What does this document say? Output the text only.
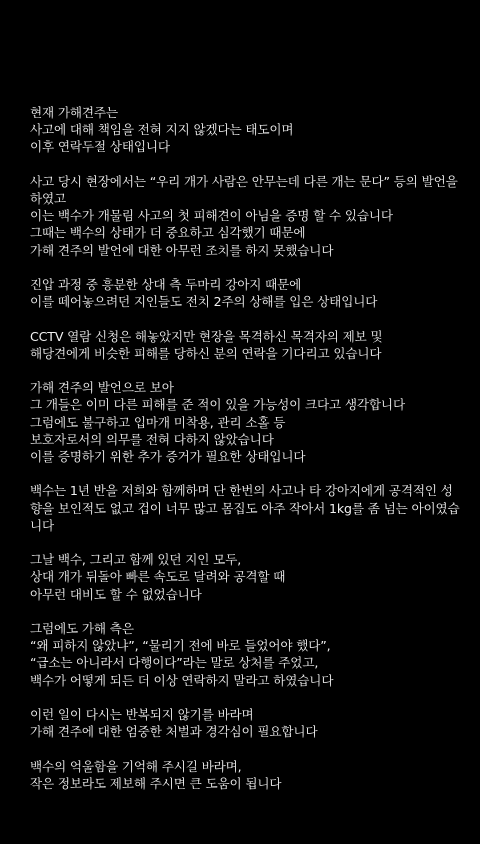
현재 가해견주는
사고에 대해 책임을 전혀 지지 않겠다는 태도이며
이후 연락두절 상태입니다

사고 당시 현장에서는 “우리 개가 사람은 안무는데 다른 개는 문다” 등의 발언을 하였고
이는 백수가 개물림 사고의 첫 피해견이 아님을 증명 할 수 있습니다
그때는 백수의 상태가 더 중요하고 심각했기 때문에
가해 견주의 발언에 대한 아무런 조치를 하지 못했습니다

진압 과정 중 흥분한 상대 측 두마리 강아지 때문에
이를 떼어놓으려던 지인들도 전치 2주의 상해를 입은 상태입니다

CCTV 열람 신청은 해놓았지만 현장을 목격하신 목격자의 제보 및
해당견에게 비슷한 피해를 당하신 분의 연락을 기다리고 있습니다

가해 견주의 발언으로 보아
그 개들은 이미 다른 피해를 준 적이 있을 가능성이 크다고 생각합니다
그럼에도 불구하고 입마개 미착용, 관리 소홀 등
보호자로서의 의무를 전혀 다하지 않았습니다
이를 증명하기 위한 추가 증거가 필요한 상태입니다

백수는 1년 반을 저희와 함께하며 단 한번의 사고나 타 강아지에게 공격적인 성향을 보인적도 없고 겁이 너무 많고 몸집도 아주 작아서 1kg를 좀 넘는 아이였습니다

그날 백수, 그리고 함께 있던 지인 모두,
상대 개가 뒤돌아 빠른 속도로 달려와 공격할 때
아무런 대비도 할 수 없었습니다

그럼에도 가해 측은
“왜 피하지 않았냐”, “물리기 전에 바로 들었어야 했다”,
“급소는 아니라서 다행이다”라는 말로 상처를 주었고,
백수가 어떻게 되든 더 이상 연락하지 말라고 하였습니다

이런 일이 다시는 반복되지 않기를 바라며
가해 견주에 대한 엄중한 처벌과 경각심이 필요합니다

백수의 억울함을 기억해 주시길 바라며,
작은 정보라도 제보해 주시면 큰 도움이 됩니다
